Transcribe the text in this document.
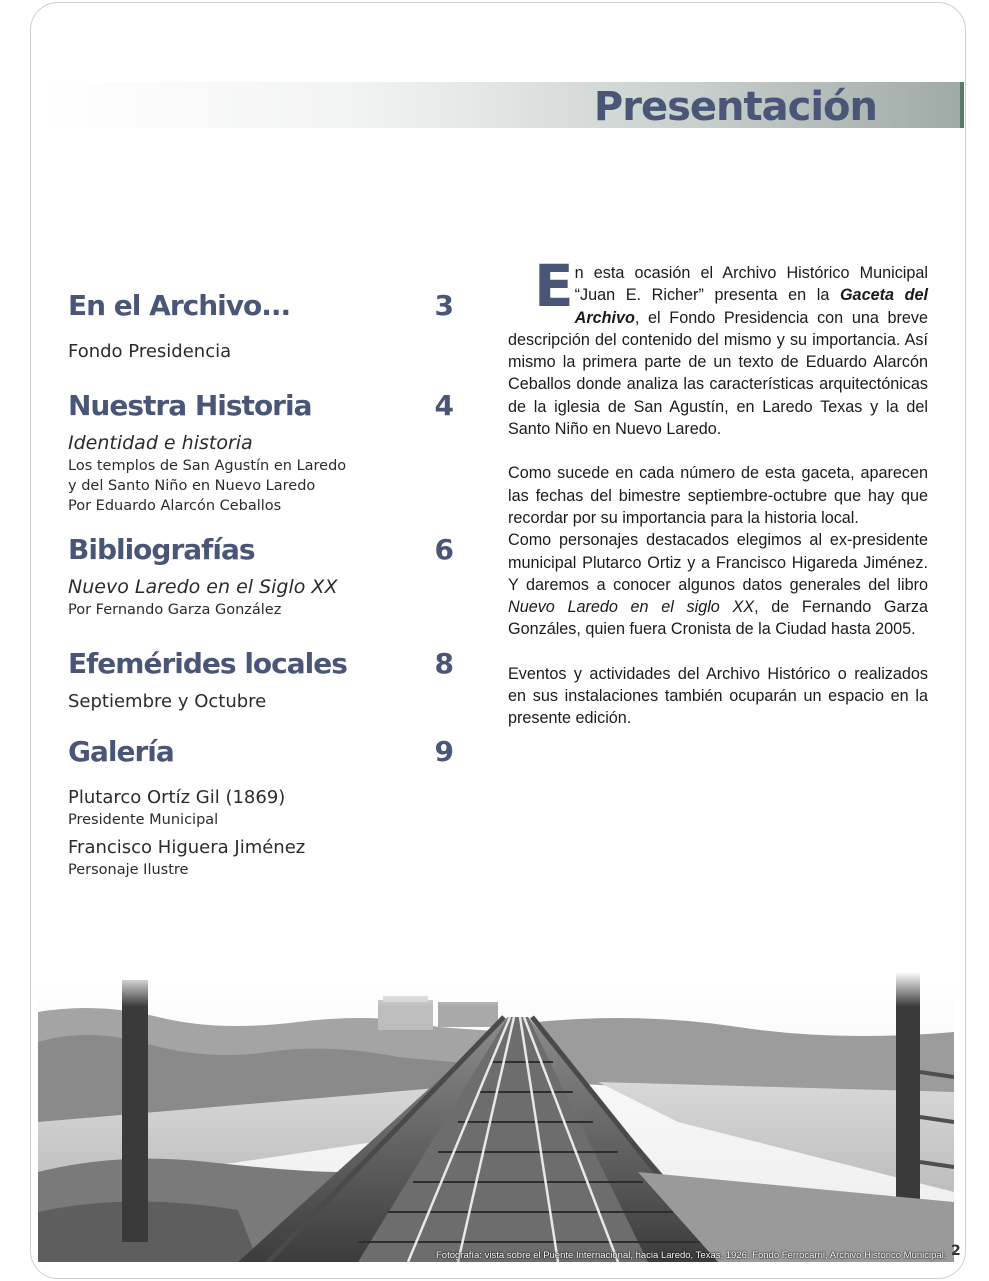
Presentación
En el Archivo...	3
Fondo Presidencia
Nuestra Historia	4
Identidad e historia
Los templos de San Agustín en Laredo
y del Santo Niño en Nuevo Laredo
Por Eduardo Alarcón Ceballos
Bibliografías	6
Nuevo Laredo en el Siglo XX
Por Fernando Garza González
Efemérides locales	8
Septiembre y Octubre
Galería	9
Plutarco Ortíz Gil (1869)
Presidente Municipal
Francisco Higuera Jiménez
Personaje Ilustre

En esta ocasión el Archivo Histórico Municipal “Juan E. Richer” presenta en la Gaceta del Archivo, el Fondo Presidencia con una breve descripción del contenido del mismo y su importancia. Así mismo la primera parte de un texto de Eduardo Alarcón Ceballos donde analiza las características arquitectónicas de la iglesia de San Agustín, en Laredo Texas y la del Santo Niño en Nuevo Laredo.

Como sucede en cada número de esta gaceta, aparecen las fechas del bimestre septiembre-octubre que hay que recordar por su importancia para la historia local.

Como personajes destacados elegimos al ex-presidente municipal Plutarco Ortiz y a Francisco Higareda Jiménez. Y daremos a conocer algunos datos generales del libro Nuevo Laredo en el siglo XX, de Fernando Garza Gonzáles, quien fuera Cronista de la Ciudad hasta 2005.

Eventos y actividades del Archivo Histórico o realizados en sus instalaciones también ocuparán un espacio en la presente edición.

Fotografía: vista sobre el Puente Internacional, hacia Laredo, Texas, 1926. Fondo Ferrocarril, Archivo Histórico Municipal. 2
